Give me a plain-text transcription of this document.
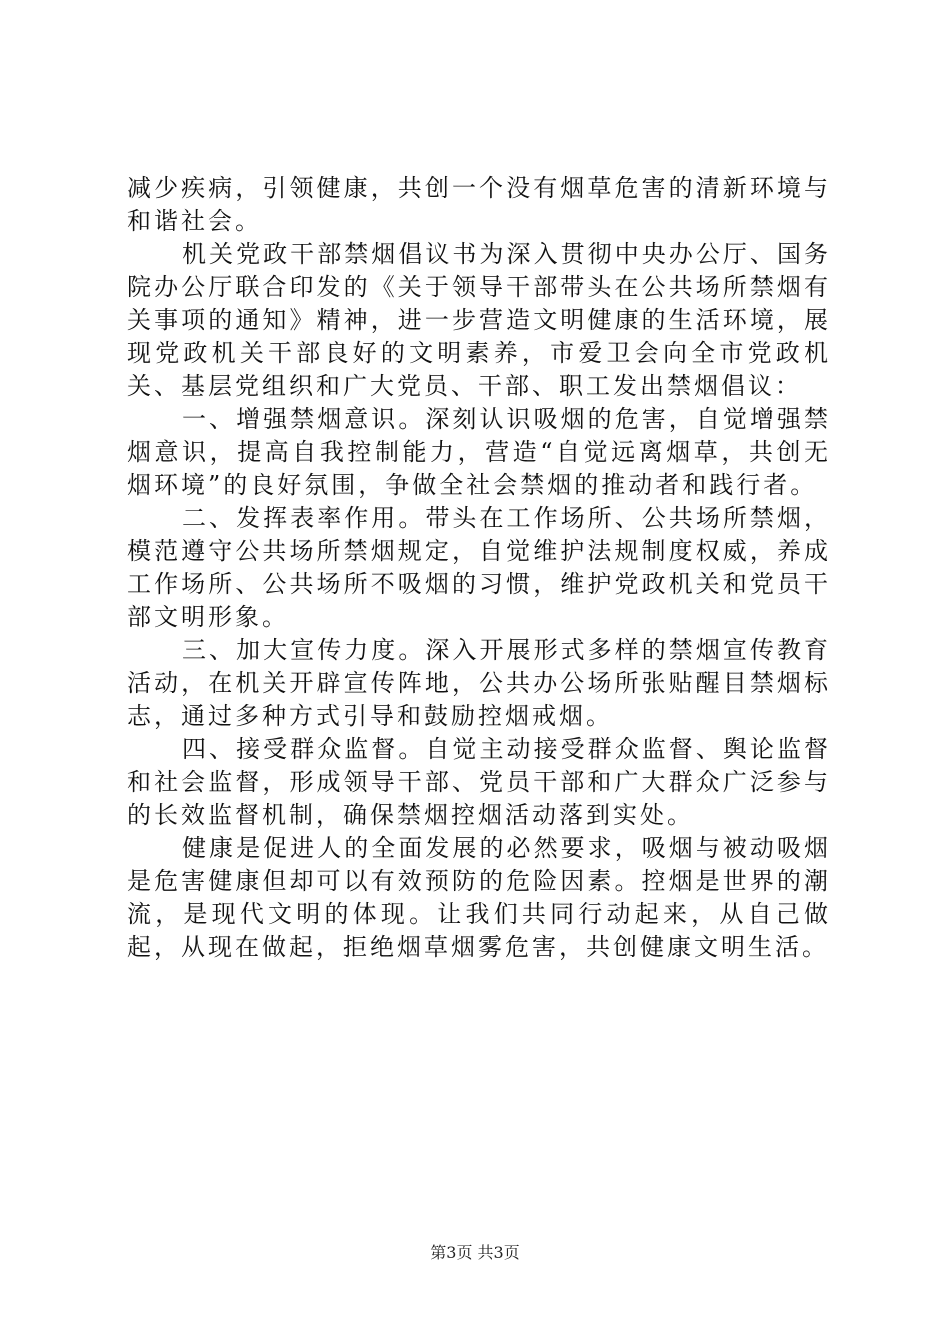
减少疾病，引领健康，共创一个没有烟草危害的清新环境与和谐社会。

机关党政干部禁烟倡议书为深入贯彻中央办公厅、国务院办公厅联合印发的《关于领导干部带头在公共场所禁烟有关事项的通知》精神，进一步营造文明健康的生活环境，展现党政机关干部良好的文明素养，市爱卫会向全市党政机关、基层党组织和广大党员、干部、职工发出禁烟倡议：

一、增强禁烟意识。深刻认识吸烟的危害，自觉增强禁烟意识，提高自我控制能力，营造“自觉远离烟草，共创无烟环境”的良好氛围，争做全社会禁烟的推动者和践行者。

二、发挥表率作用。带头在工作场所、公共场所禁烟，模范遵守公共场所禁烟规定，自觉维护法规制度权威，养成工作场所、公共场所不吸烟的习惯，维护党政机关和党员干部文明形象。

三、加大宣传力度。深入开展形式多样的禁烟宣传教育活动，在机关开辟宣传阵地，公共办公场所张贴醒目禁烟标志，通过多种方式引导和鼓励控烟戒烟。

四、接受群众监督。自觉主动接受群众监督、舆论监督和社会监督，形成领导干部、党员干部和广大群众广泛参与的长效监督机制，确保禁烟控烟活动落到实处。

健康是促进人的全面发展的必然要求，吸烟与被动吸烟是危害健康但却可以有效预防的危险因素。控烟是世界的潮流，是现代文明的体现。让我们共同行动起来，从自己做起，从现在做起，拒绝烟草烟雾危害，共创健康文明生活。

第3页 共3页
